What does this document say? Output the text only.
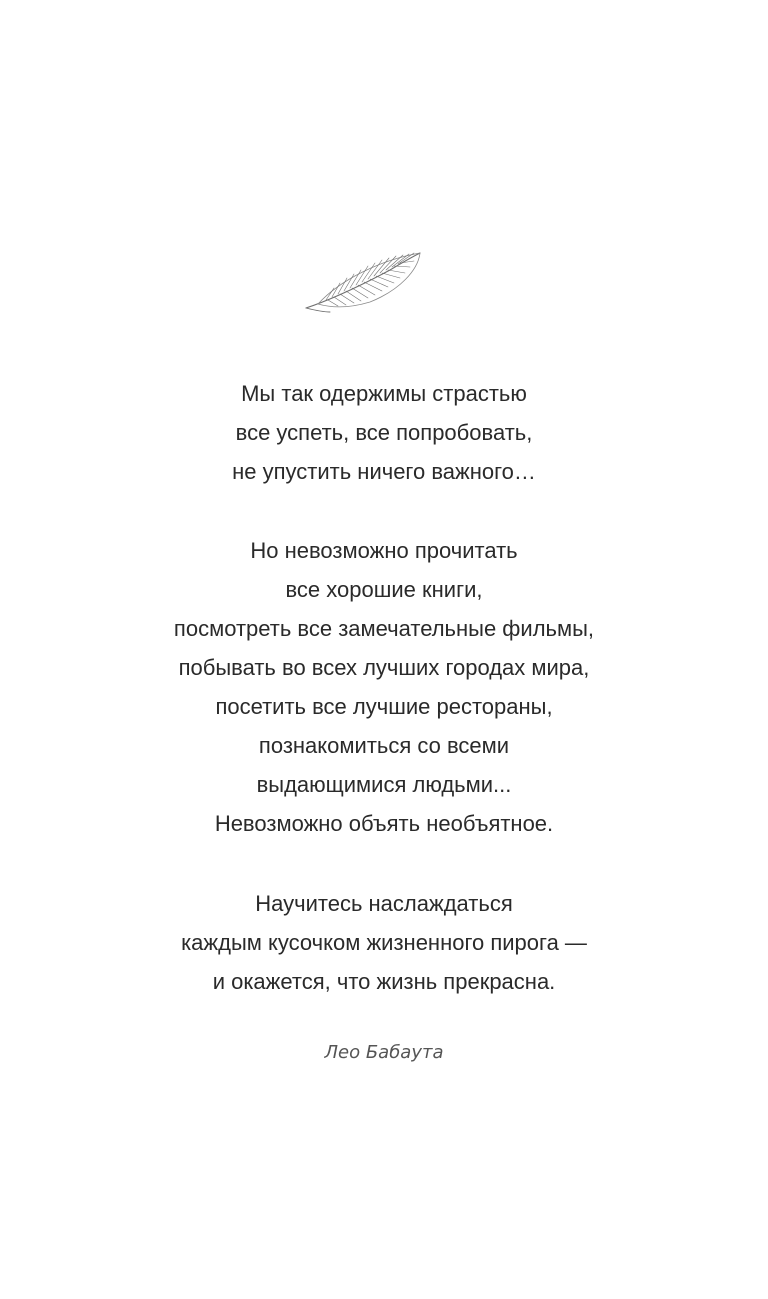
Мы так одержимы страстью
все успеть, все попробовать,
не упустить ничего важного…
Но невозможно прочитать
все хорошие книги,
посмотреть все замечательные фильмы,
побывать во всех лучших городах мира,
посетить все лучшие рестораны,
познакомиться со всеми
выдающимися людьми...
Невозможно объять необъятное.
Научитесь наслаждаться
каждым кусочком жизненного пирога —
и окажется, что жизнь прекрасна.
Лео Бабаута
